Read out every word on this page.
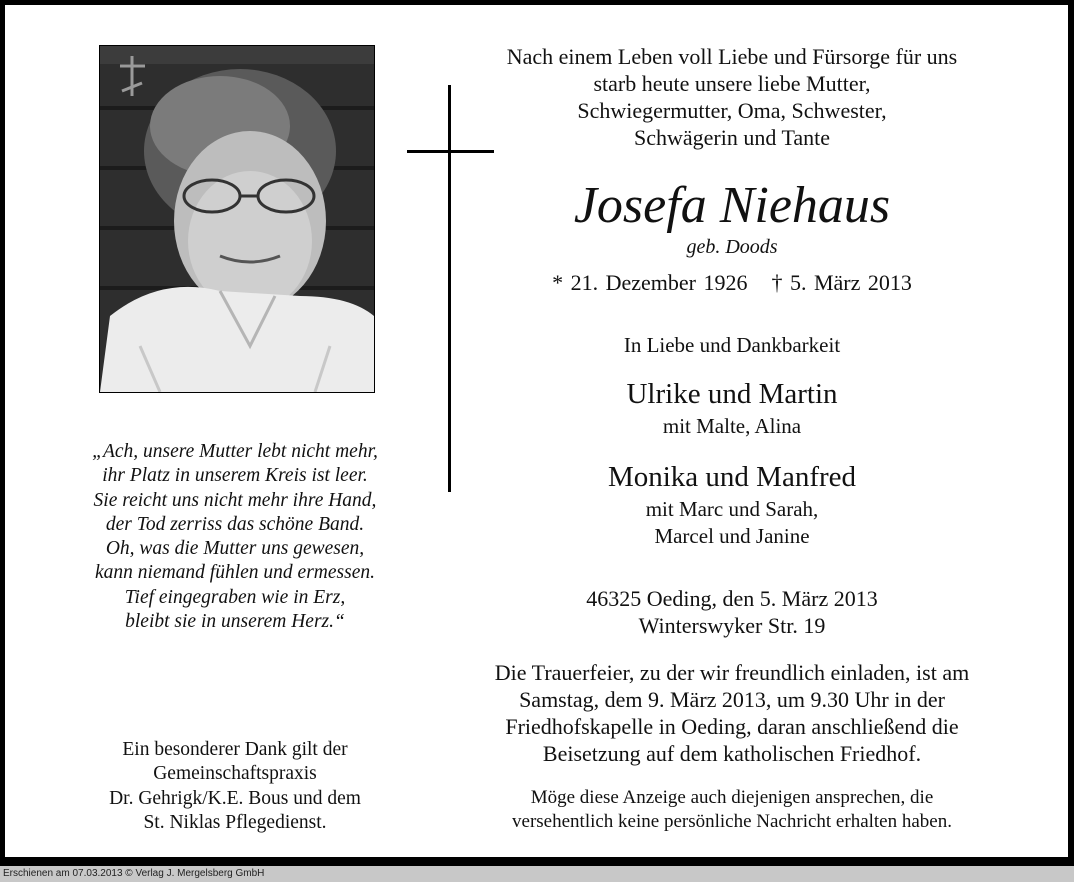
„Ach, unsere Mutter lebt nicht mehr,
ihr Platz in unserem Kreis ist leer.
Sie reicht uns nicht mehr ihre Hand,
der Tod zerriss das schöne Band.
Oh, was die Mutter uns gewesen,
kann niemand fühlen und ermessen.
Tief eingegraben wie in Erz,
bleibt sie in unserem Herz.“
Ein besonderer Dank gilt der
Gemeinschaftspraxis
Dr. Gehrigk/K.E. Bous und dem
St. Niklas Pflegedienst.
Nach einem Leben voll Liebe und Fürsorge für uns
starb heute unsere liebe Mutter,
Schwiegermutter, Oma, Schwester,
Schwägerin und Tante
Josefa Niehaus
geb. Doods
* 21. Dezember 1926 † 5. März 2013
In Liebe und Dankbarkeit
Ulrike und Martin
mit Malte, Alina
Monika und Manfred
mit Marc und Sarah,
Marcel und Janine
46325 Oeding, den 5. März 2013
Winterswyker Str. 19
Die Trauerfeier, zu der wir freundlich einladen, ist am
Samstag, dem 9. März 2013, um 9.30 Uhr in der
Friedhofskapelle in Oeding, daran anschließend die
Beisetzung auf dem katholischen Friedhof.
Möge diese Anzeige auch diejenigen ansprechen, die
versehentlich keine persönliche Nachricht erhalten haben.
Erschienen am 07.03.2013 © Verlag J. Mergelsberg GmbH
